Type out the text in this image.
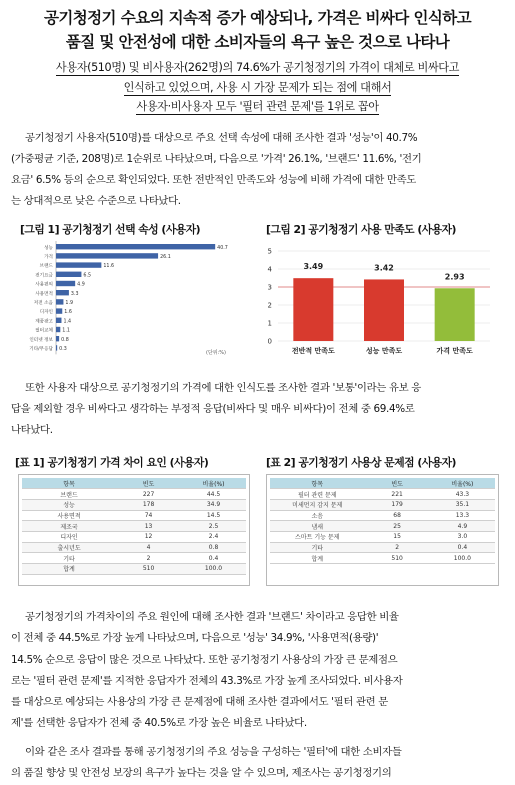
공기청정기 수요의 지속적 증가 예상되나, 가격은 비싸다 인식하고
품질 및 안전성에 대한 소비자들의 욕구 높은 것으로 나타나
사용자(510명) 및 비사용자(262명)의 74.6%가 공기청정기의 가격이 대체로 비싸다고
인식하고 있었으며, 사용 시 가장 문제가 되는 점에 대해서
사용자·비사용자 모두 '필터 관련 문제'를 1위로 꼽아
공기청정기 사용자(510명)를 대상으로 주요 선택 속성에 대해 조사한 결과 '성능'이 40.7%
(가중평균 기준, 208명)로 1순위로 나타났으며, 다음으로 '가격' 26.1%, '브랜드' 11.6%, '전기
요금' 6.5% 등의 순으로 확인되었다. 또한 전반적인 만족도와 성능에 비해 가격에 대한 만족도
는 상대적으로 낮은 수준으로 나타났다.
[그림 1] 공기청정기 선택 속성 (사용자)	[그림 2] 공기청정기 사용 만족도 (사용자)
성능	40.7
가격	26.1
브랜드	11.6
전기요금	6.5
사용편의	4.9
사용면적	3.3
저전 소음	1.9
디자인 1.6
제품광고 1.4
필터교체 1.1
인터넷 정보 0.8
기타/무응답 0.3
(단위:%)
0
1
2
3
4
5
3.49
전반적 만족도
3.42
성능 만족도
2.93
가격 만족도
또한 사용자 대상으로 공기청정기의 가격에 대한 인식도를 조사한 결과 '보통'이라는 유보 응
답을 제외할 경우 비싸다고 생각하는 부정적 응답(비싸다 및 매우 비싸다)이 전체 중 69.4%로
나타났다.
[표 1] 공기청정기 가격 차이 요인 (사용자)	[표 2] 공기청정기 사용상 문제점 (사용자)
항목	빈도	비율(%)
브랜드	227	44.5
성능	178	34.9
사용면적	74	14.5
제조국	13	2.5
디자인	12	2.4
출시년도	4	0.8
기타	2	0.4
합계	510	100.0
항목	빈도	비율(%)
필터 관련 문제	221	43.3
미세먼지 감지 문제	179	35.1
소음	68	13.3
냄새	25	4.9
스마트 기능 문제	15	3.0
기타	2	0.4
합계	510	100.0
공기청정기의 가격차이의 주요 원인에 대해 조사한 결과 '브랜드' 차이라고 응답한 비율
이 전체 중 44.5%로 가장 높게 나타났으며, 다음으로 '성능' 34.9%, '사용면적(용량)'
14.5% 순으로 응답이 많은 것으로 나타났다. 또한 공기청정기 사용상의 가장 큰 문제점으
로는 '필터 관련 문제'를 지적한 응답자가 전체의 43.3%로 가장 높게 조사되었다. 비사용자
를 대상으로 예상되는 사용상의 가장 큰 문제점에 대해 조사한 결과에서도 '필터 관련 문
제'를 선택한 응답자가 전체 중 40.5%로 가장 높은 비율로 나타났다.
이와 같은 조사 결과를 통해 공기청정기의 주요 성능을 구성하는 '필터'에 대한 소비자들
의 품질 향상 및 안전성 보장의 욕구가 높다는 것을 알 수 있으며, 제조사는 공기청정기의
